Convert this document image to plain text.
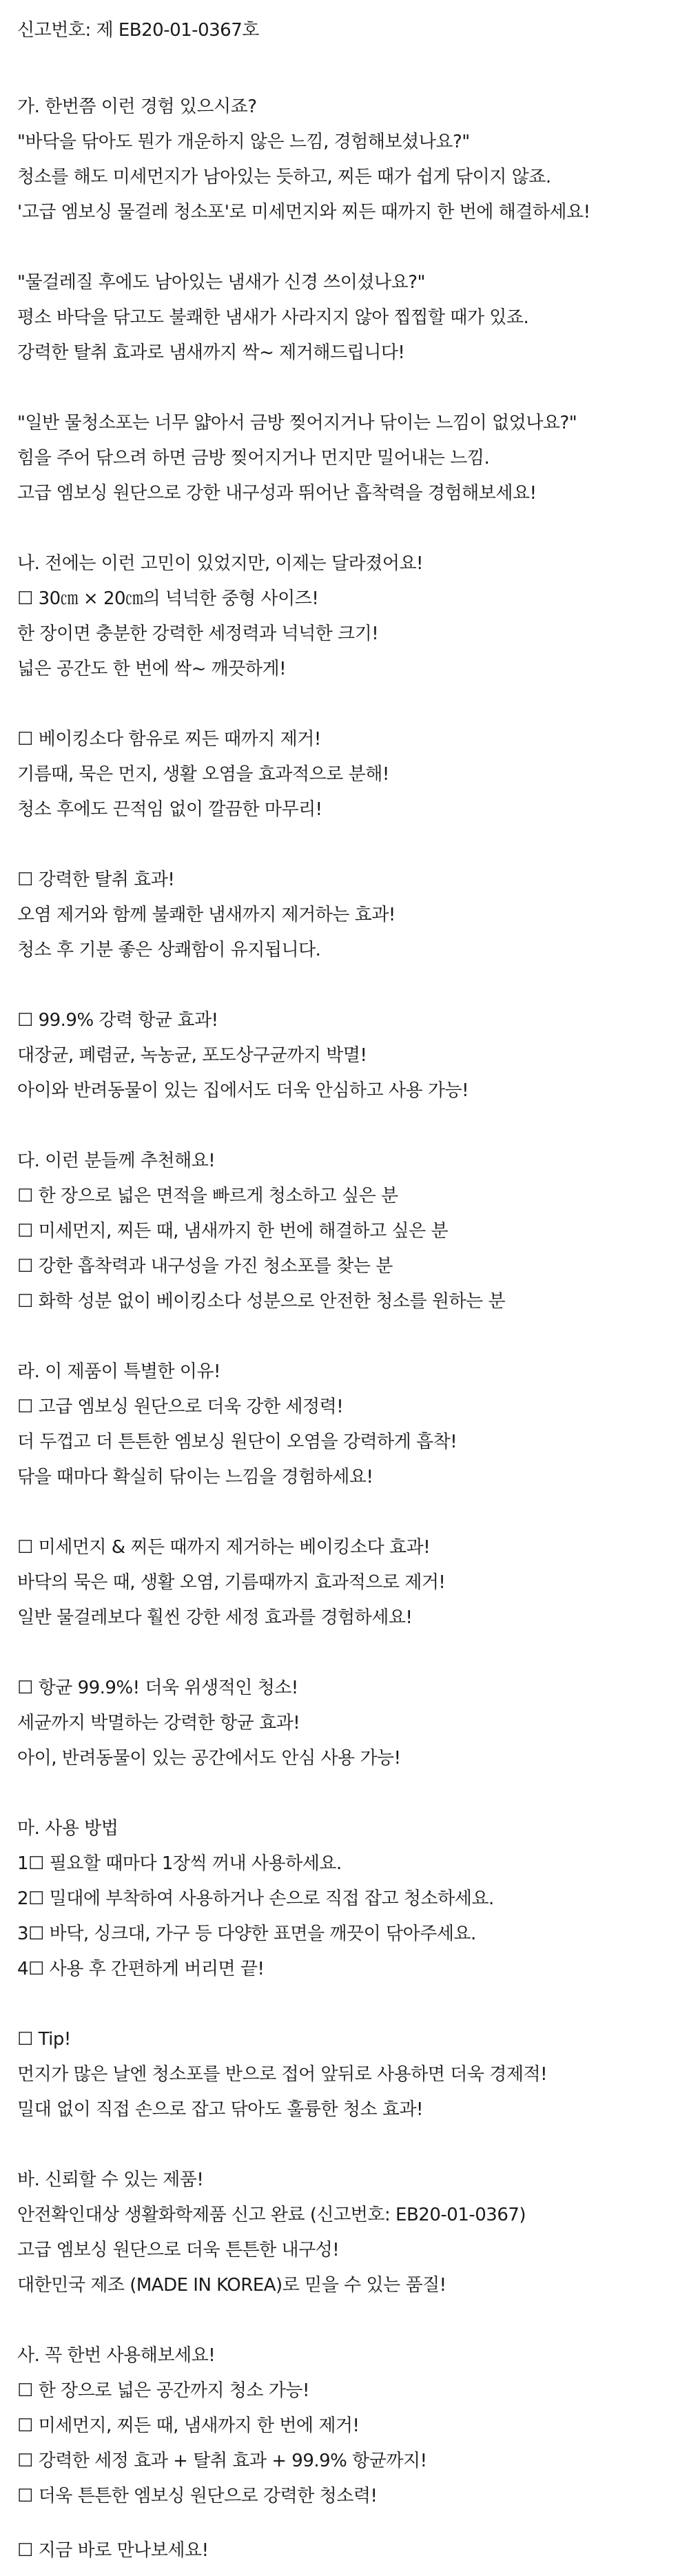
신고번호: 제 EB20-01-0367호
가. 한번쯤 이런 경험 있으시죠?
"바닥을 닦아도 뭔가 개운하지 않은 느낌, 경험해보셨나요?"
청소를 해도 미세먼지가 남아있는 듯하고, 찌든 때가 쉽게 닦이지 않죠.
'고급 엠보싱 물걸레 청소포'로 미세먼지와 찌든 때까지 한 번에 해결하세요!
"물걸레질 후에도 남아있는 냄새가 신경 쓰이셨나요?"
평소 바닥을 닦고도 불쾌한 냄새가 사라지지 않아 찝찝할 때가 있죠.
강력한 탈취 효과로 냄새까지 싹~ 제거해드립니다!
"일반 물청소포는 너무 얇아서 금방 찢어지거나 닦이는 느낌이 없었나요?"
힘을 주어 닦으려 하면 금방 찢어지거나 먼지만 밀어내는 느낌.
고급 엠보싱 원단으로 강한 내구성과 뛰어난 흡착력을 경험해보세요!
나. 전에는 이런 고민이 있었지만, 이제는 달라졌어요!
☐ 30㎝ × 20㎝의 넉넉한 중형 사이즈!
한 장이면 충분한 강력한 세정력과 넉넉한 크기!
넓은 공간도 한 번에 싹~ 깨끗하게!
☐ 베이킹소다 함유로 찌든 때까지 제거!
기름때, 묵은 먼지, 생활 오염을 효과적으로 분해!
청소 후에도 끈적임 없이 깔끔한 마무리!
☐ 강력한 탈취 효과!
오염 제거와 함께 불쾌한 냄새까지 제거하는 효과!
청소 후 기분 좋은 상쾌함이 유지됩니다.
☐ 99.9% 강력 항균 효과!
대장균, 폐렴균, 녹농균, 포도상구균까지 박멸!
아이와 반려동물이 있는 집에서도 더욱 안심하고 사용 가능!
다. 이런 분들께 추천해요!
☐ 한 장으로 넓은 면적을 빠르게 청소하고 싶은 분
☐ 미세먼지, 찌든 때, 냄새까지 한 번에 해결하고 싶은 분
☐ 강한 흡착력과 내구성을 가진 청소포를 찾는 분
☐ 화학 성분 없이 베이킹소다 성분으로 안전한 청소를 원하는 분
라. 이 제품이 특별한 이유!
☐ 고급 엠보싱 원단으로 더욱 강한 세정력!
더 두껍고 더 튼튼한 엠보싱 원단이 오염을 강력하게 흡착!
닦을 때마다 확실히 닦이는 느낌을 경험하세요!
☐ 미세먼지 & 찌든 때까지 제거하는 베이킹소다 효과!
바닥의 묵은 때, 생활 오염, 기름때까지 효과적으로 제거!
일반 물걸레보다 훨씬 강한 세정 효과를 경험하세요!
☐ 항균 99.9%! 더욱 위생적인 청소!
세균까지 박멸하는 강력한 항균 효과!
아이, 반려동물이 있는 공간에서도 안심 사용 가능!
마. 사용 방법
1☐ 필요할 때마다 1장씩 꺼내 사용하세요.
2☐ 밀대에 부착하여 사용하거나 손으로 직접 잡고 청소하세요.
3☐ 바닥, 싱크대, 가구 등 다양한 표면을 깨끗이 닦아주세요.
4☐ 사용 후 간편하게 버리면 끝!
☐ Tip!
먼지가 많은 날엔 청소포를 반으로 접어 앞뒤로 사용하면 더욱 경제적!
밀대 없이 직접 손으로 잡고 닦아도 훌륭한 청소 효과!
바. 신뢰할 수 있는 제품!
안전확인대상 생활화학제품 신고 완료 (신고번호: EB20-01-0367)
고급 엠보싱 원단으로 더욱 튼튼한 내구성!
대한민국 제조 (MADE IN KOREA)로 믿을 수 있는 품질!
사. 꼭 한번 사용해보세요!
☐ 한 장으로 넓은 공간까지 청소 가능!
☐ 미세먼지, 찌든 때, 냄새까지 한 번에 제거!
☐ 강력한 세정 효과 + 탈취 효과 + 99.9% 항균까지!
☐ 더욱 튼튼한 엠보싱 원단으로 강력한 청소력!
☐ 지금 바로 만나보세요!
